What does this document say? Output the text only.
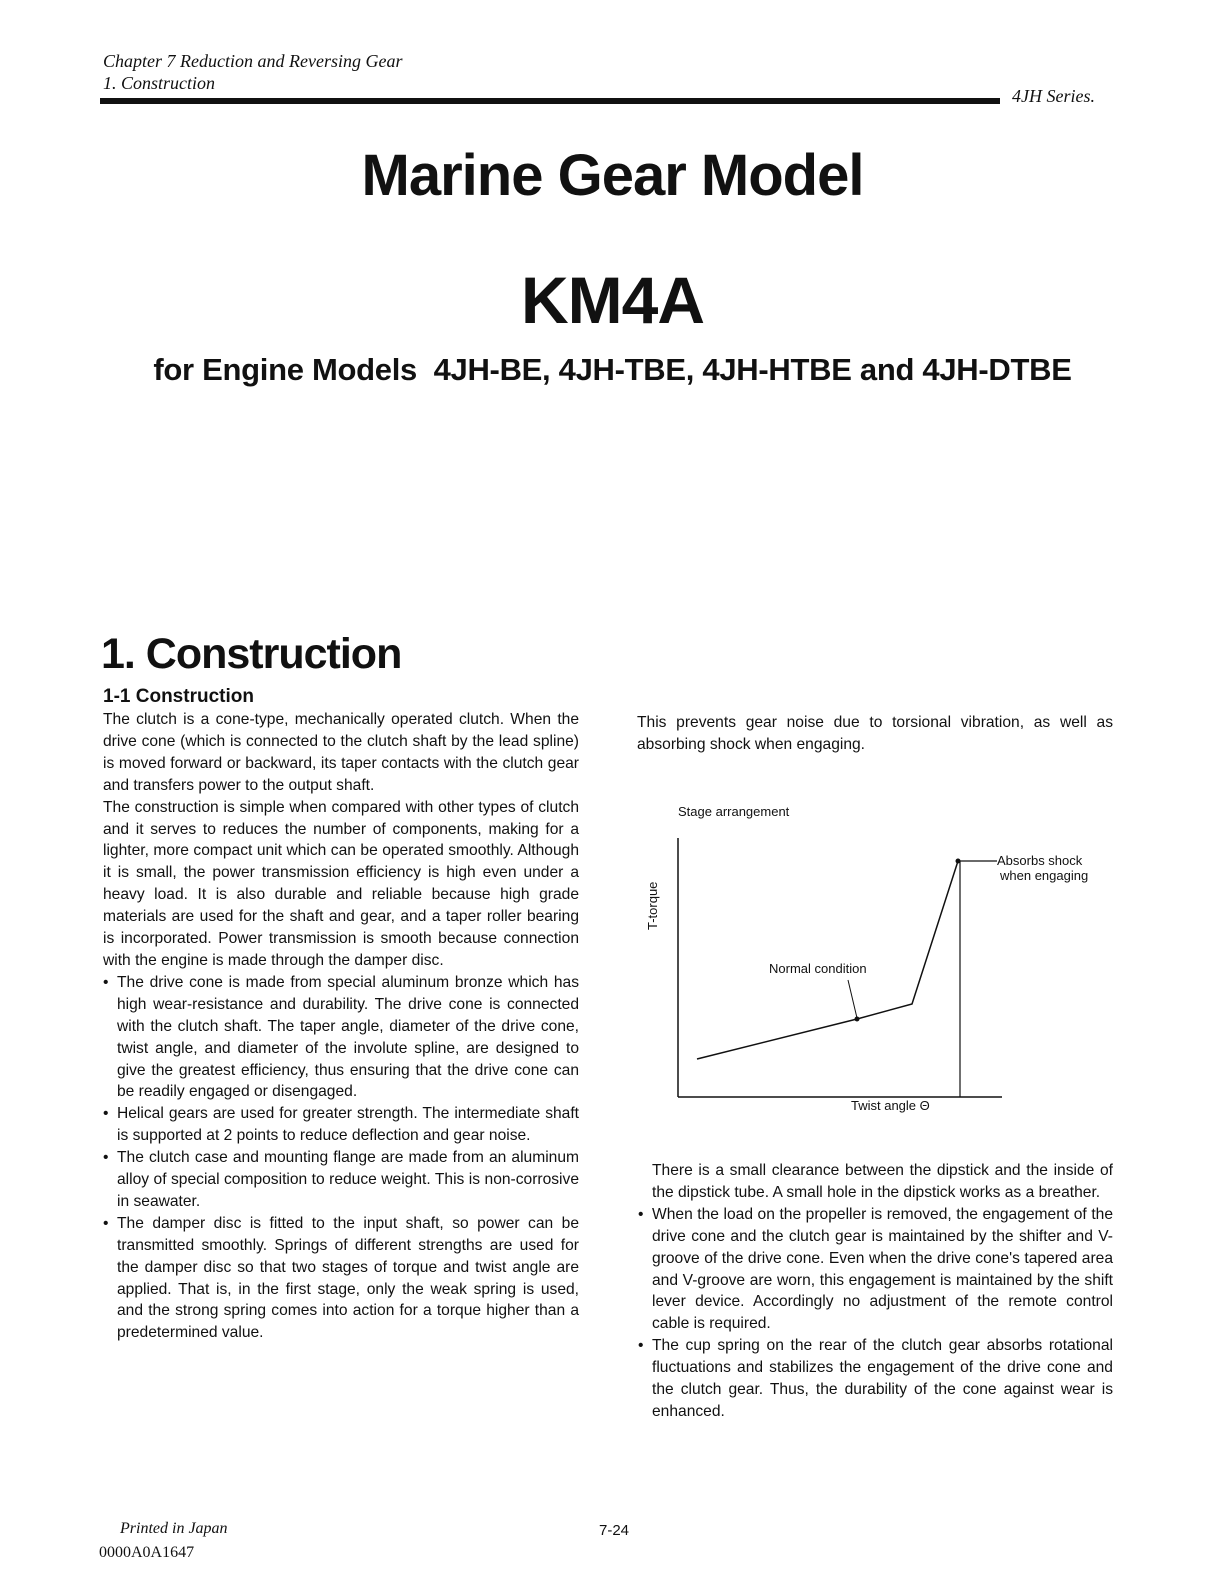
Chapter 7 Reduction and Reversing Gear
1. Construction
4JH Series.
Marine Gear Model
KM4A
for Engine Models  4JH-BE, 4JH-TBE, 4JH-HTBE and 4JH-DTBE
1. Construction
1-1 Construction

The clutch is a cone-type, mechanically operated clutch. When the drive cone (which is connected to the clutch shaft by the lead spline) is moved forward or backward, its taper contacts with the clutch gear and transfers power to the output shaft.

The construction is simple when compared with other types of clutch and it serves to reduces the number of components, making for a lighter, more compact unit which can be operated smoothly. Although it is small, the power transmission efficiency is high even under a heavy load. It is also durable and reliable because high grade materials are used for the shaft and gear, and a taper roller bearing is incorporated. Power transmission is smooth because connection with the engine is made through the damper disc.

• The drive cone is made from special aluminum bronze which has high wear-resistance and durability. The drive cone is connected with the clutch shaft. The taper angle, diameter of the drive cone, twist angle, and diameter of the involute spline, are designed to give the greatest efficiency, thus ensuring that the drive cone can be readily engaged or disengaged.

• Helical gears are used for greater strength. The intermediate shaft is supported at 2 points to reduce deflection and gear noise.

• The clutch case and mounting flange are made from an aluminum alloy of special composition to reduce weight. This is non-corrosive in seawater.

• The damper disc is fitted to the input shaft, so power can be transmitted smoothly. Springs of different strengths are used for the damper disc so that two stages of torque and twist angle are applied. That is, in the first stage, only the weak spring is used, and the strong spring comes into action for a torque higher than a predetermined value.

This prevents gear noise due to torsional vibration, as well as absorbing shock when engaging.

Stage arrangement
T-torque
Normal condition
Absorbs shock
when engaging
Twist angle Θ

There is a small clearance between the dipstick and the inside of the dipstick tube. A small hole in the dipstick works as a breather.

• When the load on the propeller is removed, the engagement of the drive cone and the clutch gear is maintained by the shifter and V-groove of the drive cone. Even when the drive cone's tapered area and V-groove are worn, this engagement is maintained by the shift lever device. Accordingly no adjustment of the remote control cable is required.

• The cup spring on the rear of the clutch gear absorbs rotational fluctuations and stabilizes the engagement of the drive cone and the clutch gear. Thus, the durability of the cone against wear is enhanced.

Printed in Japan
0000A0A1647
7-24
